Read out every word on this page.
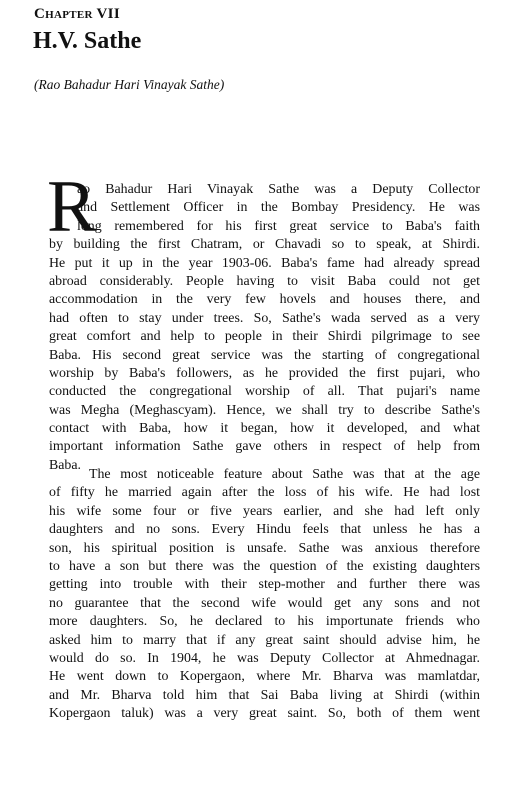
Chapter VII
H.V. Sathe
(Rao Bahadur Hari Vinayak Sathe)
R
ao Bahadur Hari Vinayak Sathe was a Deputy Collector
and Settlement Officer in the Bombay Presidency. He was
long remembered for his first great service to Baba's faith
by building the first Chatram, or Chavadi so to speak, at Shirdi.
He put it up in the year 1903-06. Baba's fame had already spread
abroad considerably. People having to visit Baba could not get
accommodation in the very few hovels and houses there, and
had often to stay under trees. So, Sathe's wada served as a very
great comfort and help to people in their Shirdi pilgrimage to see
Baba. His second great service was the starting of congregational
worship by Baba's followers, as he provided the first pujari, who
conducted the congregational worship of all. That pujari's name
was Megha (Meghascyam). Hence, we shall try to describe Sathe's
contact with Baba, how it began, how it developed, and what
important information Sathe gave others in respect of help from
Baba.
The most noticeable feature about Sathe was that at the age
of fifty he married again after the loss of his wife. He had lost
his wife some four or five years earlier, and she had left only
daughters and no sons. Every Hindu feels that unless he has a
son, his spiritual position is unsafe. Sathe was anxious therefore
to have a son but there was the question of the existing daughters
getting into trouble with their step-mother and further there was
no guarantee that the second wife would get any sons and not
more daughters. So, he declared to his importunate friends who
asked him to marry that if any great saint should advise him, he
would do so. In 1904, he was Deputy Collector at Ahmednagar.
He went down to Kopergaon, where Mr. Bharva was mamlatdar,
and Mr. Bharva told him that Sai Baba living at Shirdi (within
Kopergaon taluk) was a very great saint. So, both of them went
